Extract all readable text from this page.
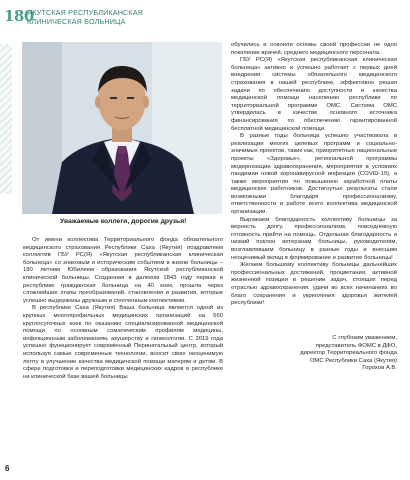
180
ЯКУТСКАЯ РЕСПУБЛИКАНСКАЯ
КЛИНИЧЕСКАЯ БОЛЬНИЦА
Уважаемые коллеги, дорогие друзья!

От имени коллектива Территориального фонда обязательного медицинского страхования Республики Саха (Якутия) поздравляем коллектив ГБУ РС(Я) «Якутская республиканская клиническая больница» со знаковым и историческим событием в жизни больницы – 180 летним Юбилеем образования Якутской республиканской клинической больницы. Созданная в далеком 1843 году первая в республике гражданская больница на 40 коек, прошла через сложнейшие этапы преобразований, становления и развития, которые успешно выдержаны дружным и сплоченным коллективом.

В республике Саха (Якутия) Ваша больница является одной из крупных многопрофильных медицинских организаций на 560 круглосуточных коек по оказанию специализированной медицинской помощи по основным соматическим профилям медицины, инфекционным заболеваниям, акушерству и гинекологии. С 2019 года успешно функционирует современный Перинатальный центр, который используя самые современные технологии, вносит свою неоценимую лепту в улучшение качества медицинской помощи матерям и детям. В сфере подготовки и переподготовки медицинских кадров в республике на клинической базе вашей больницы

обучились и освоили основы своей профессии не одно поколение врачей, среднего медицинского персонала.

ГБУ РС(Я) «Якутская республиканская клиническая больница» активно и успешно работает с первых дней внедрения системы обязательного медицинского страхования в нашей республике, эффективно решая задачи по обеспечению доступности и качества медицинской помощи населению республики по территориальной программе ОМС. Система ОМС утвердилась в качестве основного источника финансирования по обеспечению гарантированной бесплатной медицинской помощи.

В разные годы больница успешно участвовала в реализации многих целевых программ и социально-значимых проектов, таких как, приоритетные национальные проекты «Здоровье», региональной программы модернизации здравоохранения, мероприятия в условиях пандемии новой коронавирусной инфекции (COVID-19), а также мероприятия по повышению заработной платы медицинских работников. Достигнутые результаты стали возможными благодаря профессионализму, ответственности и работе всего коллектива медицинской организации.

Выражаем благодарность коллективу больницы за верность долгу, профессионализм, повседневную готовность прийти на помощь. Отдельная благодарность и низкий поклон ветеранам больницы, руководителям, возглавлявшим больницу в разные годы и внесшим неоценимый вклад в формирование и развитие больницы!

Желаем большому коллективу больницы дальнейших профессиональных достижений, процветания, активной жизненной позиции в решении задач, стоящих перед отраслью здравоохранения, удачи во всех начинаниях во благо сохранения и укрепления здоровья жителей республики!

С глубоким уважением,
представитель ФОМС в ДФО,
директор Территориального фонда
ОМС Республики Саха (Якутия)
Горохов А.В.
6
